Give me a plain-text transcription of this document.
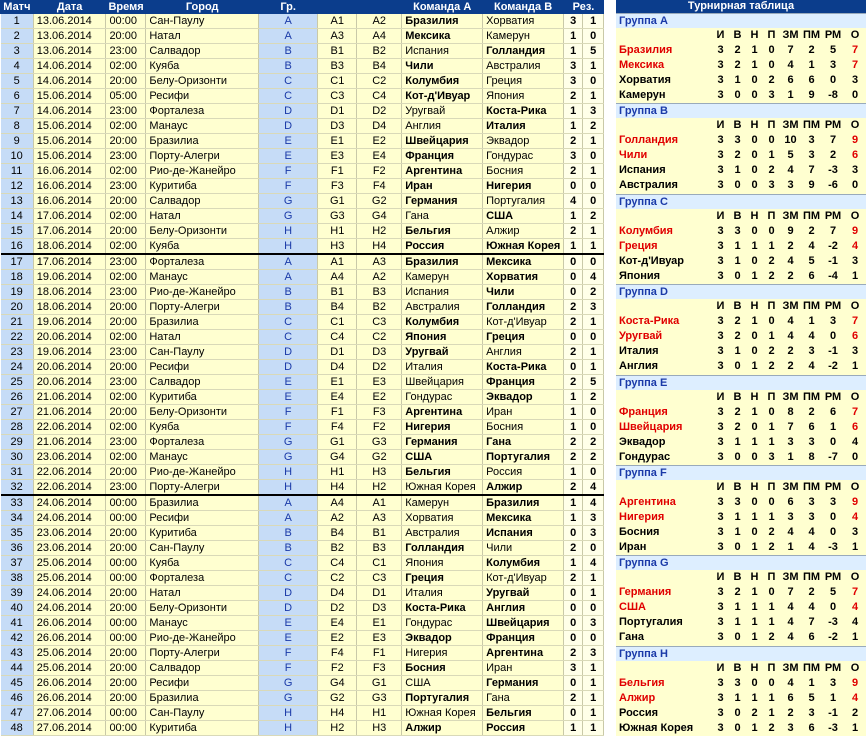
Матч	Дата	Время	Город	Гр.			Команда A	Команда B	Рез.	
1	13.06.2014	00:00	Сан-Паулу	A	A1	A2	Бразилия	Хорватия	3	1
2	13.06.2014	20:00	Натал	A	A3	A4	Мексика	Камерун	1	0
3	13.06.2014	23:00	Салвадор	B	B1	B2	Испания	Голландия	1	5
4	14.06.2014	02:00	Куяба	B	B3	B4	Чили	Австралия	3	1
5	14.06.2014	20:00	Белу-Оризонти	C	C1	C2	Колумбия	Греция	3	0
6	15.06.2014	05:00	Ресифи	C	C3	C4	Кот-д'Ивуар	Япония	2	1
7	14.06.2014	23:00	Форталеза	D	D1	D2	Уругвай	Коста-Рика	1	3
8	15.06.2014	02:00	Манаус	D	D3	D4	Англия	Италия	1	2
9	15.06.2014	20:00	Бразилиа	E	E1	E2	Швейцария	Эквадор	2	1
10	15.06.2014	23:00	Порту-Алегри	E	E3	E4	Франция	Гондурас	3	0
11	16.06.2014	02:00	Рио-де-Жанейро	F	F1	F2	Аргентина	Босния	2	1
12	16.06.2014	23:00	Куритиба	F	F3	F4	Иран	Нигерия	0	0
13	16.06.2014	20:00	Салвадор	G	G1	G2	Германия	Португалия	4	0
14	17.06.2014	02:00	Натал	G	G3	G4	Гана	США	1	2
15	17.06.2014	20:00	Белу-Оризонти	H	H1	H2	Бельгия	Алжир	2	1
16	18.06.2014	02:00	Куяба	H	H3	H4	Россия	Южная Корея	1	1
17	17.06.2014	23:00	Форталеза	A	A1	A3	Бразилия	Мексика	0	0
18	19.06.2014	02:00	Манаус	A	A4	A2	Камерун	Хорватия	0	4
19	18.06.2014	23:00	Рио-де-Жанейро	B	B1	B3	Испания	Чили	0	2
20	18.06.2014	20:00	Порту-Алегри	B	B4	B2	Австралия	Голландия	2	3
21	19.06.2014	20:00	Бразилиа	C	C1	C3	Колумбия	Кот-д'Ивуар	2	1
22	20.06.2014	02:00	Натал	C	C4	C2	Япония	Греция	0	0
23	19.06.2014	23:00	Сан-Паулу	D	D1	D3	Уругвай	Англия	2	1
24	20.06.2014	20:00	Ресифи	D	D4	D2	Италия	Коста-Рика	0	1
25	20.06.2014	23:00	Салвадор	E	E1	E3	Швейцария	Франция	2	5
26	21.06.2014	02:00	Куритиба	E	E4	E2	Гондурас	Эквадор	1	2
27	21.06.2014	20:00	Белу-Оризонти	F	F1	F3	Аргентина	Иран	1	0
28	22.06.2014	02:00	Куяба	F	F4	F2	Нигерия	Босния	1	0
29	21.06.2014	23:00	Форталеза	G	G1	G3	Германия	Гана	2	2
30	23.06.2014	02:00	Манаус	G	G4	G2	США	Португалия	2	2
31	22.06.2014	20:00	Рио-де-Жанейро	H	H1	H3	Бельгия	Россия	1	0
32	22.06.2014	23:00	Порту-Алегри	H	H4	H2	Южная Корея	Алжир	2	4
33	24.06.2014	00:00	Бразилиа	A	A4	A1	Камерун	Бразилия	1	4
34	24.06.2014	00:00	Ресифи	A	A2	A3	Хорватия	Мексика	1	3
35	23.06.2014	20:00	Куритиба	B	B4	B1	Австралия	Испания	0	3
36	23.06.2014	20:00	Сан-Паулу	B	B2	B3	Голландия	Чили	2	0
37	25.06.2014	00:00	Куяба	C	C4	C1	Япония	Колумбия	1	4
38	25.06.2014	00:00	Форталеза	C	C2	C3	Греция	Кот-д'Ивуар	2	1
39	24.06.2014	20:00	Натал	D	D4	D1	Италия	Уругвай	0	1
40	24.06.2014	20:00	Белу-Оризонти	D	D2	D3	Коста-Рика	Англия	0	0
41	26.06.2014	00:00	Манаус	E	E4	E1	Гондурас	Швейцария	0	3
42	26.06.2014	00:00	Рио-де-Жанейро	E	E2	E3	Эквадор	Франция	0	0
43	25.06.2014	20:00	Порту-Алегри	F	F4	F1	Нигерия	Аргентина	2	3
44	25.06.2014	20:00	Салвадор	F	F2	F3	Босния	Иран	3	1
45	26.06.2014	20:00	Ресифи	G	G4	G1	США	Германия	0	1
46	26.06.2014	20:00	Бразилиа	G	G2	G3	Португалия	Гана	2	1
47	27.06.2014	00:00	Сан-Паулу	H	H4	H1	Южная Корея	Бельгия	0	1
48	27.06.2014	00:00	Куритиба	H	H2	H3	Алжир	Россия	1	1
Турнирная таблица
Группа A
	И	В	Н	П	ЗМ	ПМ	РМ	О
Бразилия	3	2	1	0	7	2	5	7
Мексика	3	2	1	0	4	1	3	7
Хорватия	3	1	0	2	6	6	0	3
Камерун	3	0	0	3	1	9	-8	0
Группа B
	И	В	Н	П	ЗМ	ПМ	РМ	О
Голландия	3	3	0	0	10	3	7	9
Чили	3	2	0	1	5	3	2	6
Испания	3	1	0	2	4	7	-3	3
Австралия	3	0	0	3	3	9	-6	0
Группа C
	И	В	Н	П	ЗМ	ПМ	РМ	О
Колумбия	3	3	0	0	9	2	7	9
Греция	3	1	1	1	2	4	-2	4
Кот-д'Ивуар	3	1	0	2	4	5	-1	3
Япония	3	0	1	2	2	6	-4	1
Группа D
	И	В	Н	П	ЗМ	ПМ	РМ	О
Коста-Рика	3	2	1	0	4	1	3	7
Уругвай	3	2	0	1	4	4	0	6
Италия	3	1	0	2	2	3	-1	3
Англия	3	0	1	2	2	4	-2	1
Группа E
	И	В	Н	П	ЗМ	ПМ	РМ	О
Франция	3	2	1	0	8	2	6	7
Швейцария	3	2	0	1	7	6	1	6
Эквадор	3	1	1	1	3	3	0	4
Гондурас	3	0	0	3	1	8	-7	0
Группа F
	И	В	Н	П	ЗМ	ПМ	РМ	О
Аргентина	3	3	0	0	6	3	3	9
Нигерия	3	1	1	1	3	3	0	4
Босния	3	1	0	2	4	4	0	3
Иран	3	0	1	2	1	4	-3	1
Группа G
	И	В	Н	П	ЗМ	ПМ	РМ	О
Германия	3	2	1	0	7	2	5	7
США	3	1	1	1	4	4	0	4
Португалия	3	1	1	1	4	7	-3	4
Гана	3	0	1	2	4	6	-2	1
Группа H
	И	В	Н	П	ЗМ	ПМ	РМ	О
Бельгия	3	3	0	0	4	1	3	9
Алжир	3	1	1	1	6	5	1	4
Россия	3	0	2	1	2	3	-1	2
Южная Корея	3	0	1	2	3	6	-3	1
